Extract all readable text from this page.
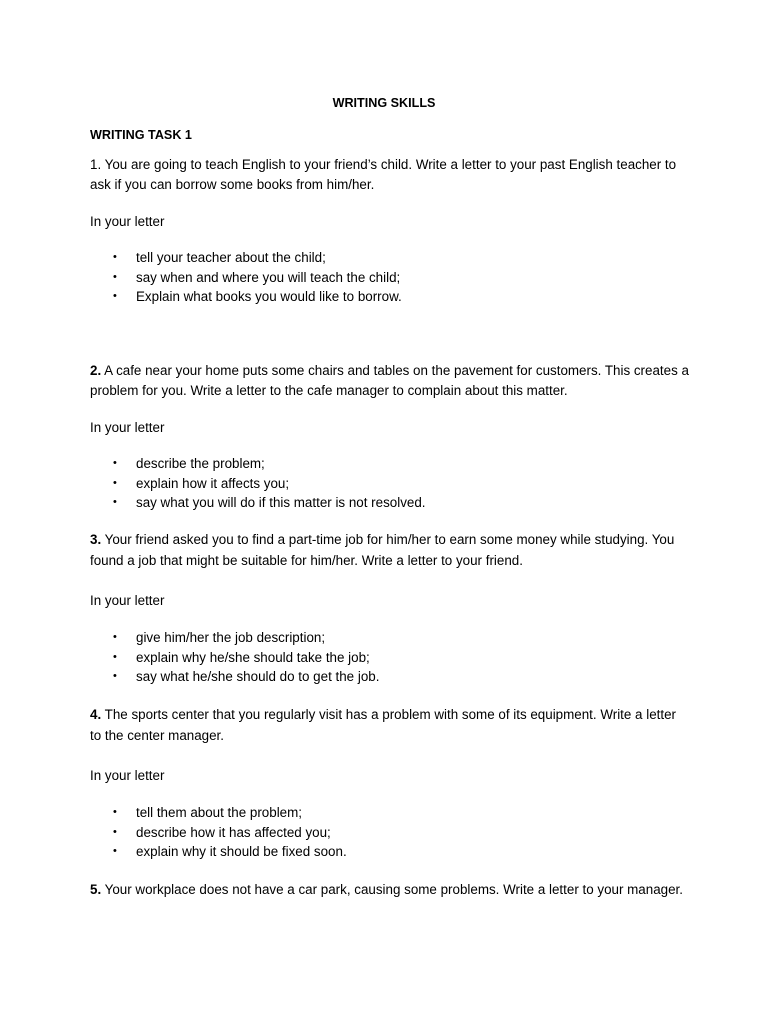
WRITING SKILLS

WRITING TASK 1

1. You are going to teach English to your friend’s child. Write a letter to your past English teacher to ask if you can borrow some books from him/her.

In your letter

• tell your teacher about the child;
• say when and where you will teach the child;
• Explain what books you would like to borrow.

2. A cafe near your home puts some chairs and tables on the pavement for customers. This creates a problem for you. Write a letter to the cafe manager to complain about this matter.

In your letter

• describe the problem;
• explain how it affects you;
• say what you will do if this matter is not resolved.

3. Your friend asked you to find a part-time job for him/her to earn some money while studying. You found a job that might be suitable for him/her. Write a letter to your friend.

In your letter

• give him/her the job description;
• explain why he/she should take the job;
• say what he/she should do to get the job.

4. The sports center that you regularly visit has a problem with some of its equipment. Write a letter to the center manager.

In your letter

• tell them about the problem;
• describe how it has affected you;
• explain why it should be fixed soon.

5. Your workplace does not have a car park, causing some problems. Write a letter to your manager.
